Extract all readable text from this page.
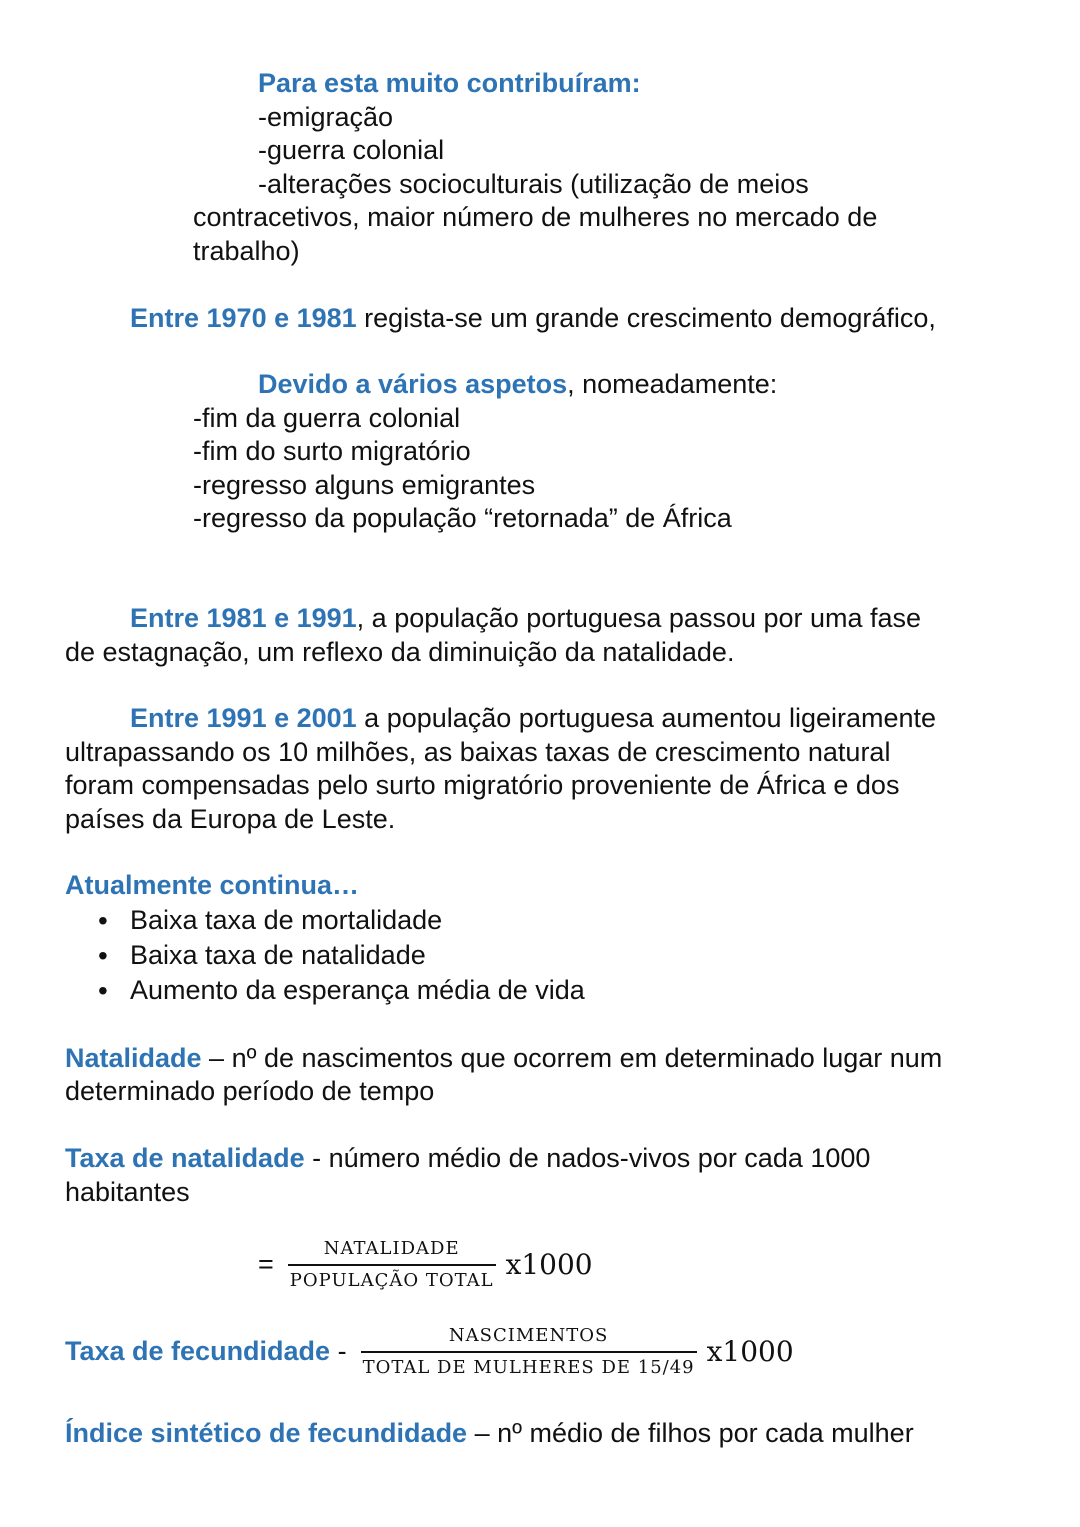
Para esta muito contribuíram:
-emigração
-guerra colonial
-alterações socioculturais (utilização de meios
contracetivos, maior número de mulheres no mercado de
trabalho)
Entre 1970 e 1981 regista-se um grande crescimento demográfico,
Devido a vários aspetos, nomeadamente:
-fim da guerra colonial
-fim do surto migratório
-regresso alguns emigrantes
-regresso da população “retornada” de África
Entre 1981 e 1991, a população portuguesa passou por uma fase
de estagnação, um reflexo da diminuição da natalidade.
Entre 1991 e 2001 a população portuguesa aumentou ligeiramente
ultrapassando os 10 milhões, as baixas taxas de crescimento natural
foram compensadas pelo surto migratório proveniente de África e dos
países da Europa de Leste.
Atualmente continua…
• Baixa taxa de mortalidade
• Baixa taxa de natalidade
• Aumento da esperança média de vida
Natalidade – nº de nascimentos que ocorrem em determinado lugar num
determinado período de tempo
Taxa de natalidade - número médio de nados-vivos por cada 1000
habitantes
= $\frac{\text{NATALIDADE}}{\text{POPULAÇÃO TOTAL}} x1000$
Taxa de fecundidade - $\frac{\text{NASCIMENTOS}}{\text{TOTAL DE MULHERES DE 15/49}} x1000$
Índice sintético de fecundidade – nº médio de filhos por cada mulher
